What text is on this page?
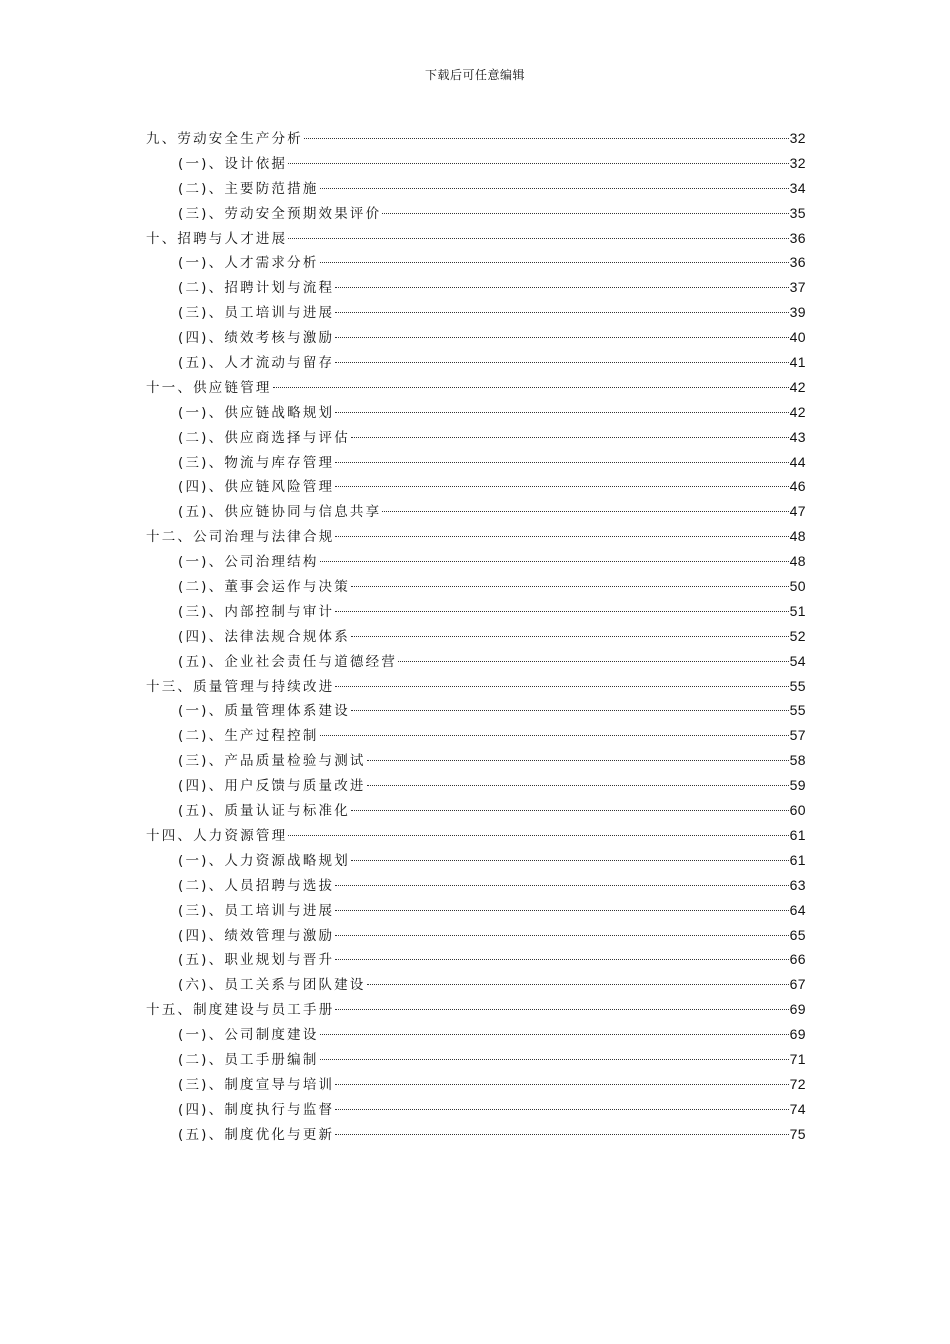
下载后可任意编辑
九、劳动安全生产分析	32
(一)、设计依据	32
(二)、主要防范措施	34
(三)、劳动安全预期效果评价	35
十、招聘与人才进展	36
(一)、人才需求分析	36
(二)、招聘计划与流程	37
(三)、员工培训与进展	39
(四)、绩效考核与激励	40
(五)、人才流动与留存	41
十一、供应链管理	42
(一)、供应链战略规划	42
(二)、供应商选择与评估	43
(三)、物流与库存管理	44
(四)、供应链风险管理	46
(五)、供应链协同与信息共享	47
十二、公司治理与法律合规	48
(一)、公司治理结构	48
(二)、董事会运作与决策	50
(三)、内部控制与审计	51
(四)、法律法规合规体系	52
(五)、企业社会责任与道德经营	54
十三、质量管理与持续改进	55
(一)、质量管理体系建设	55
(二)、生产过程控制	57
(三)、产品质量检验与测试	58
(四)、用户反馈与质量改进	59
(五)、质量认证与标准化	60
十四、人力资源管理	61
(一)、人力资源战略规划	61
(二)、人员招聘与选拔	63
(三)、员工培训与进展	64
(四)、绩效管理与激励	65
(五)、职业规划与晋升	66
(六)、员工关系与团队建设	67
十五、制度建设与员工手册	69
(一)、公司制度建设	69
(二)、员工手册编制	71
(三)、制度宣导与培训	72
(四)、制度执行与监督	74
(五)、制度优化与更新	75
